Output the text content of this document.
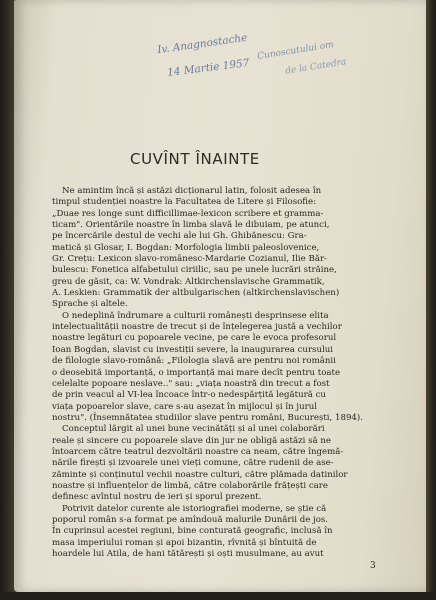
Iv. Anagnostache
14 Martie 1957
Cunoscutului om
de la Catedra
CUVÎNT ÎNAINTE

Ne amintim încă și astăzi dicționarul latin, folosit adesea în
timpul studenției noastre la Facultatea de Litere și Filosofie:
„Duae res longe sunt difficillimae-lexicon scribere et gramma-
ticam". Orientările noastre în limba slavă le dibuiam, pe atunci,
pe încercările destul de vechi ale lui Gh. Ghibănescu: Gra-
matică și Glosar, I. Bogdan: Morfologia limbii paleoslovenice,
Gr. Crețu: Lexicon slavo-românesc-Mardarie Cozianul, Ilie Băr-
bulescu: Fonetica alfabetului ciriilic, sau pe unele lucrări străine,
greu de găsit, ca: W. Vondrak: Altkirchenslavische Grammatik,
A. Leskien: Grammatik der altbulgarischen (altkirchenslavischen)
Sprache și altele.

O nedeplină îndrumare a culturii românești desprinsese elita
intelectualității noastre de trecut și de înțelegerea justă a vechilor
noastre legături cu popoarele vecine, pe care le evoca profesorul
Ioan Bogdan, slavist cu investiții severe, la inaugurarea cursului
de filologie slavo-română: „Filologia slavă are pentru noi românii
o deosebită importanță, o importanță mai mare decît pentru toate
celelalte popoare neslave.." sau: „viața noastră din trecut a fost
de prin veacul al VI-lea încoace într-o nedespărțită legătură cu
viața popoarelor slave, care s-au așezat în mijlocul și în jurul
nostru". (Însemnătatea studiilor slave pentru români, București, 1894).

Conceptul lărgit al unei bune vecinătăți și al unei colaborări
reale și sincere cu popoarele slave din jur ne obligă astăzi să ne
întoarcem către teatrul dezvoltării noastre ca neam, către îngemă-
nările firești și izvoarele unei vieți comune, către rudenii de ase-
zăminte și conținutul vechii noastre culturi, către plămada datinilor
noastre și influențelor de limbă, către colaborările frățești care
definesc avîntul nostru de ieri și sporul prezent.

Potrivit datelor curente ale istoriografiei moderne, se știe că
poporul român s-a format pe amîndouă malurile Dunării de jos.
În cuprinsul acestei regiuni, bine conturată geografic, inclusă în
masa imperiului roman și apoi bizantin, rîvnită și bîntuită de
hoardele lui Atila, de hani tătărești și oști musulmane, au avut

3
